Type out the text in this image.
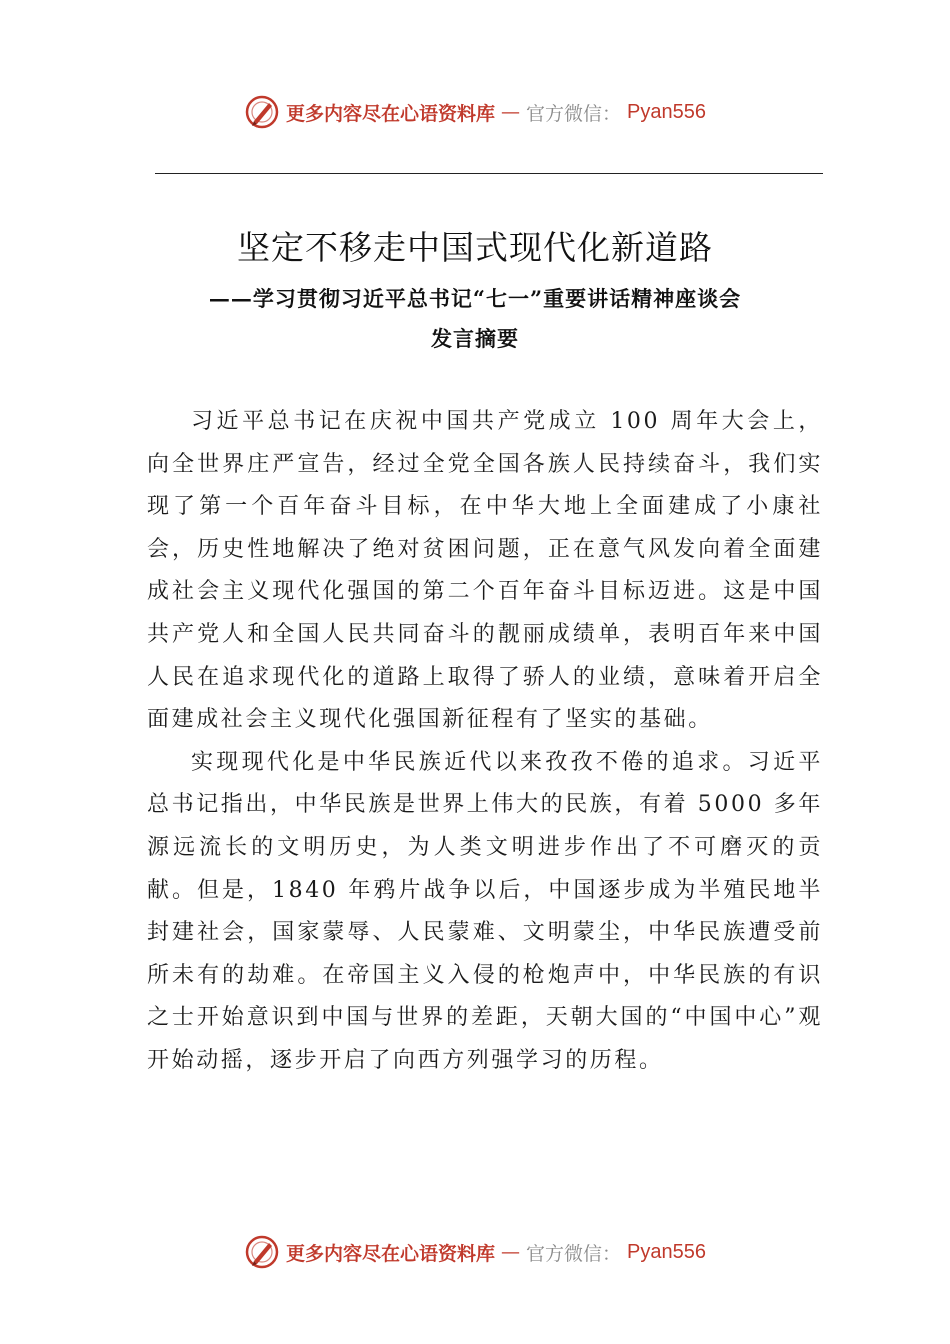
更多内容尽在心语资料库 — 官方微信： Pyan556
坚定不移走中国式现代化新道路
——学习贯彻习近平总书记“七一”重要讲话精神座谈会
发言摘要

习近平总书记在庆祝中国共产党成立 100 周年大会上，向全世界庄严宣告，经过全党全国各族人民持续奋斗，我们实现了第一个百年奋斗目标，在中华大地上全面建成了小康社会，历史性地解决了绝对贫困问题，正在意气风发向着全面建成社会主义现代化强国的第二个百年奋斗目标迈进。这是中国共产党人和全国人民共同奋斗的靓丽成绩单，表明百年来中国人民在追求现代化的道路上取得了骄人的业绩，意味着开启全面建成社会主义现代化强国新征程有了坚实的基础。

实现现代化是中华民族近代以来孜孜不倦的追求。习近平总书记指出，中华民族是世界上伟大的民族，有着 5000 多年源远流长的文明历史，为人类文明进步作出了不可磨灭的贡献。但是，1840 年鸦片战争以后，中国逐步成为半殖民地半封建社会，国家蒙辱、人民蒙难、文明蒙尘，中华民族遭受前所未有的劫难。在帝国主义入侵的枪炮声中，中华民族的有识之士开始意识到中国与世界的差距，天朝大国的“中国中心”观开始动摇，逐步开启了向西方列强学习的历程。

更多内容尽在心语资料库 — 官方微信： Pyan556
